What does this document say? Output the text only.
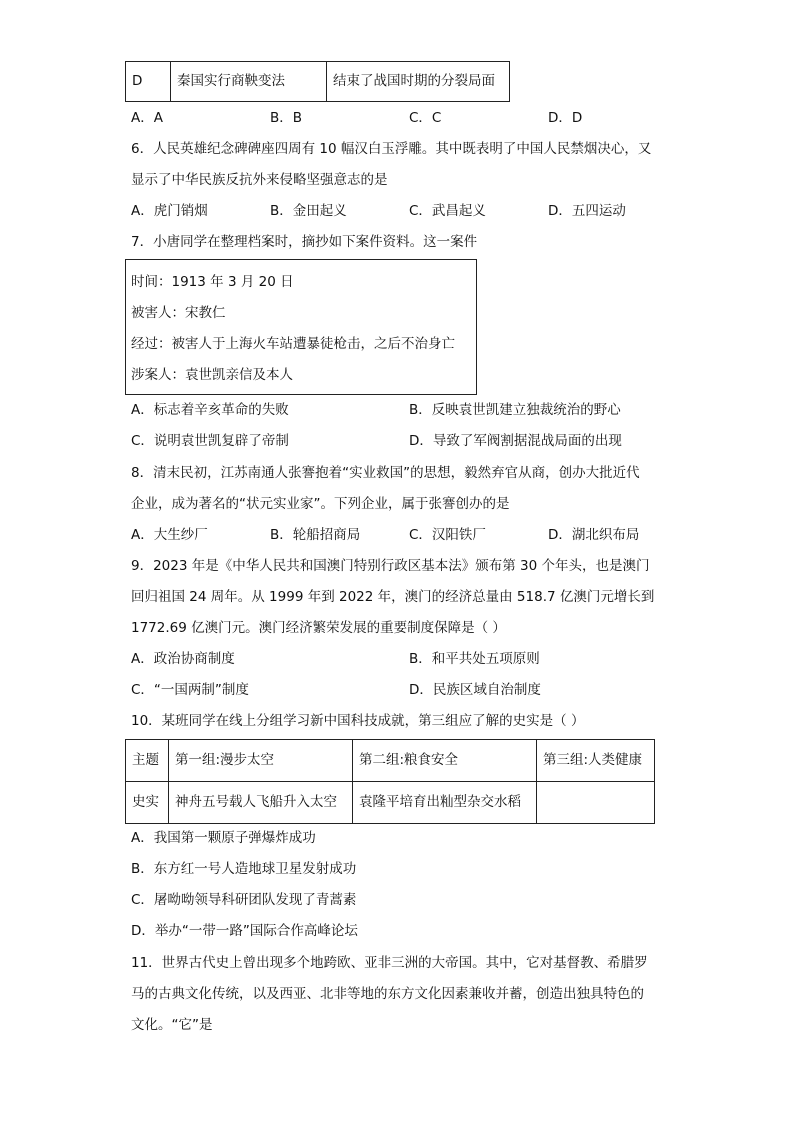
D	秦国实行商鞅变法	结束了战国时期的分裂局面
A．A	B．B	C．C	D．D
6．人民英雄纪念碑碑座四周有 10 幅汉白玉浮雕。其中既表明了中国人民禁烟决心，又
显示了中华民族反抗外来侵略坚强意志的是
A．虎门销烟	B．金田起义	C．武昌起义	D．五四运动
7．小唐同学在整理档案时，摘抄如下案件资料。这一案件
时间：1913 年 3 月 20 日
被害人：宋教仁
经过：被害人于上海火车站遭暴徒枪击，之后不治身亡
涉案人：袁世凯亲信及本人
A．标志着辛亥革命的失败	B．反映袁世凯建立独裁统治的野心
C．说明袁世凯复辟了帝制	D．导致了军阀割据混战局面的出现
8．清末民初，江苏南通人张謇抱着“实业救国”的思想，毅然弃官从商，创办大批近代
企业，成为著名的“状元实业家”。下列企业，属于张謇创办的是
A．大生纱厂	B．轮船招商局	C．汉阳铁厂	D．湖北织布局
9．2023 年是《中华人民共和国澳门特别行政区基本法》颁布第 30 个年头，也是澳门
回归祖国 24 周年。从 1999 年到 2022 年，澳门的经济总量由 518.7 亿澳门元增长到
1772.69 亿澳门元。澳门经济繁荣发展的重要制度保障是（ ）
A．政治协商制度	B．和平共处五项原则
C．“一国两制”制度	D．民族区域自治制度
10．某班同学在线上分组学习新中国科技成就，第三组应了解的史实是（ ）
主题	第一组:漫步太空	第二组:粮食安全	第三组:人类健康
史实	神舟五号载人飞船升入太空	袁隆平培育出籼型杂交水稻	
A．我国第一颗原子弹爆炸成功
B．东方红一号人造地球卫星发射成功
C．屠呦呦领导科研团队发现了青蒿素
D．举办“一带一路”国际合作高峰论坛
11．世界古代史上曾出现多个地跨欧、亚非三洲的大帝国。其中，它对基督教、希腊罗
马的古典文化传统，以及西亚、北非等地的东方文化因素兼收并蓄，创造出独具特色的
文化。“它”是
